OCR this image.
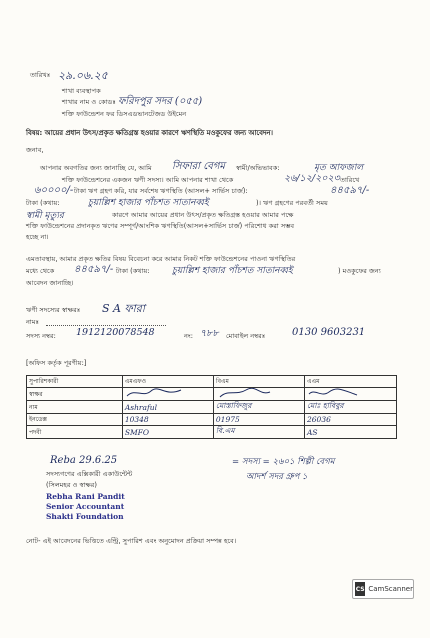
তারিখঃ ২৯.০৬.২৫
শাখা ব্যবস্থাপক
শাখার নাম ও কোডঃ ফরিদপুর সদর (০৫৫)
শক্তি ফাউন্ডেশন ফর ডিসএডভানটেজড উইমেন
বিষয়: আয়ের প্রধান উৎস/প্রকৃত ক্ষতিগ্রস্ত হওয়ার কারণে ঋণস্থিতি মওকুফের জন্য আবেদন।
জনাব,
আপনার অবগতির জন্য জানাচ্ছি যে, আমি সিফারা বেগম স্বামী/অভিভাবক:	মৃত আফজাল
শক্তি ফাউন্ডেশনের একজন ঋণী সদস্য। আমি আপনার শাখা থেকে	২৬/১২/২০২৩ তারিখে
৬০০০০/- টাকা ঋণ গ্রহণ করি, যার সর্বশেষ ঋণস্থিতি (আসল+ সার্ভিস চার্জ):	৪৪৫৯৭/-
টাকা (কথায়:	চুয়াল্লিশ হাজার পাঁচশত সাতানব্বই	)। ঋণ গ্রহণের পরবর্তী সময়
স্বামী মৃত্যুর	কারণে আমার আয়ের প্রধান উৎস/প্রকৃত ক্ষতিগ্রস্ত হওয়ার আমার পক্ষে
শক্তি ফাউন্ডেশনের প্রদানকৃত ঋণের সম্পূর্ণ/আংশিক ঋণস্থিতি(আসল+সার্ভিস চার্জ) পরিশোধ করা সম্ভব
হচ্ছে না।
এমতাবস্থায়, আমার প্রকৃত ক্ষতির বিষয় বিবেচনা করে আমার নিকট শক্তি ফাউন্ডেশনের পাওনা ঋণস্থিতির
মধ্যে থেকে ৪৪৫৯৭/- টাকা (কথায়: চুয়াল্লিশ হাজার পাঁচশত সাতানব্বই	) মওকুফের জন্য
আবেদন জানাচ্ছি।
ঋণী সদস্যের স্বাক্ষরঃ S A ফারা
নামঃ
সদস্য নম্বর: 1912120078548	নং: ৭৮৮ মোবাইল নম্বরঃ	0130 9603231
[অফিস কর্তৃক পূরণীয়:]
সুপারিশকারী	এমএফও	বিএম	এএম
স্বাক্ষর			
নাম	Ashraful	মোস্তাফিজুর	মোঃ হাবিবুর
ইনডেক্স	10348	01975	26036
পদবী	SMFO	বি.এম	AS
Reba 29.6.25
সদস্যগণের এক্সিকারী একাউন্টেন্ট
(সিলমহর ও স্বাক্ষর)
Rebha Rani Pandit
Senior Accountant
Shakti Foundation
= সদস্য = ২৬০১ শিল্পী বেগম
আদর্শ সদর গ্রুপ ১
নোট- এই আবেদনের ভিত্তিতে এন্ট্রি, সুপারিশ এবং অনুমোদন প্রক্রিয়া সম্পন্ন হবে।
CS CamScanner
